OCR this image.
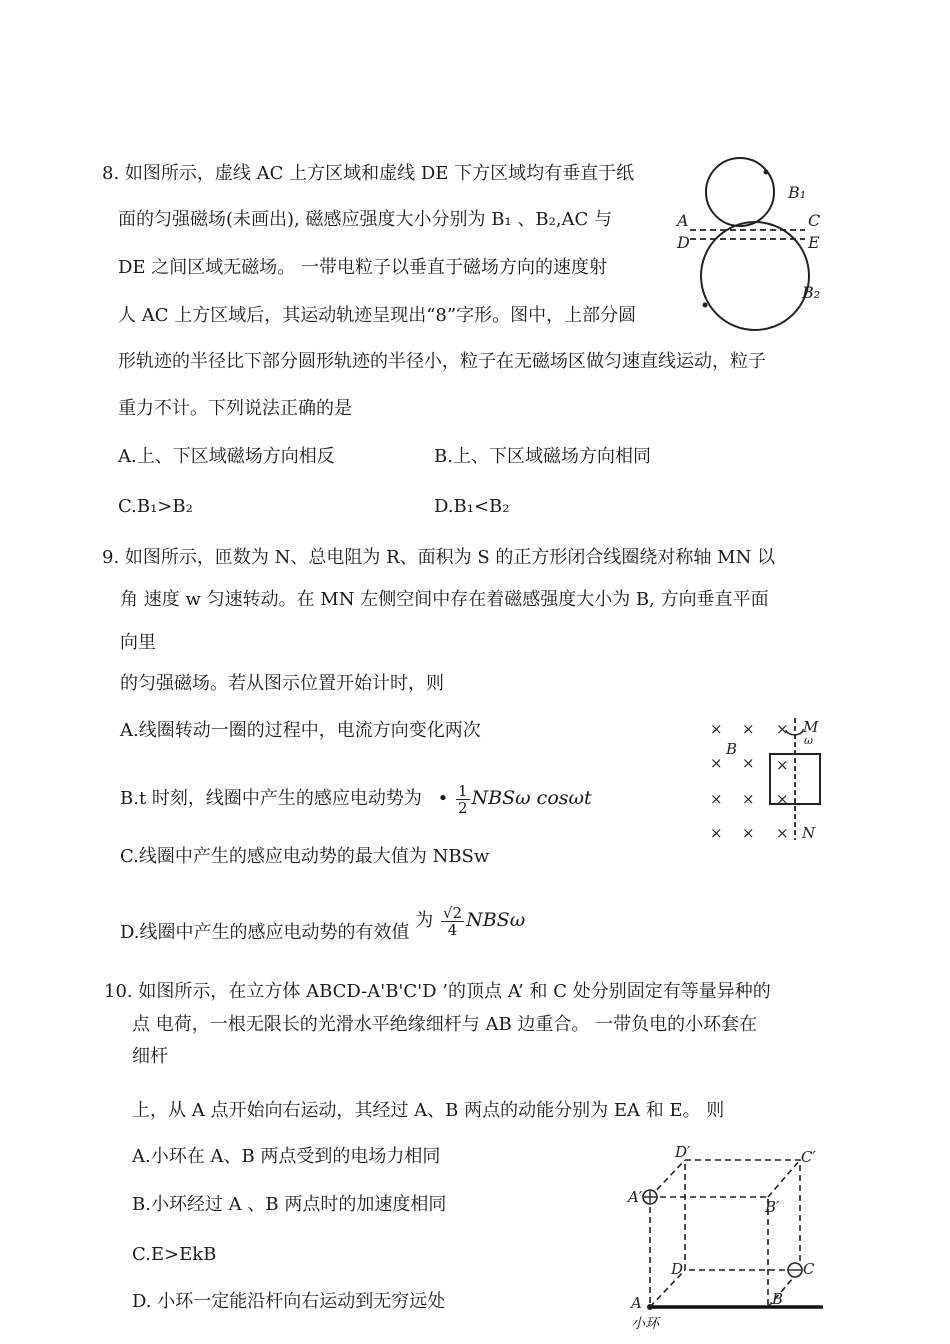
8. 如图所示，虚线 AC 上方区域和虚线 DE 下方区域均有垂直于纸
面的匀强磁场(未画出), 磁感应强度大小分别为 B₁ 、B₂,AC 与
DE 之间区域无磁场。 一带电粒子以垂直于磁场方向的速度射
人 AC 上方区域后，其运动轨迹呈现出“8”字形。图中，上部分圆
形轨迹的半径比下部分圆形轨迹的半径小，粒子在无磁场区做匀速直线运动，粒子
重力不计。下列说法正确的是
A.上、下区域磁场方向相反	B.上、下区域磁场方向相同
C.B₁>B₂	D.B₁<B₂
A	C
D	E
B₁
B₂
9. 如图所示，匝数为 N、总电阻为 R、面积为 S 的正方形闭合线圈绕对称轴 MN 以
角 速度 w 匀速转动。在 MN 左侧空间中存在着磁感强度大小为 B, 方向垂直平面
向里
的匀强磁场。若从图示位置开始计时，则
A.线圈转动一圈的过程中，电流方向变化两次
B.t 时刻，线圈中产生的感应电动势为 • $\frac{1}{2}$ NBSω cosωt
C.线圈中产生的感应电动势的最大值为 NBSw
D.线圈中产生的感应电动势的有效值 为 $\frac{√2}{4}$ NBSω
× × ×
× × ×
× × ×
× × ×
B
M
ω
N
10. 如图所示，在立方体 ABCD-A'B'C'D ’的顶点 A’ 和 C 处分别固定有等量异种的
点 电荷，一根无限长的光滑水平绝缘细杆与 AB 边重合。 一带负电的小环套在
细杆
上，从 A 点开始向右运动，其经过 A、B 两点的动能分别为 EA 和 E。 则
A.小环在 A、B 两点受到的电场力相同
B.小环经过 A 、B 两点时的加速度相同
C.E>EkB
D. 小环一定能沿杆向右运动到无穷远处
D′	C′
A′
B′
D	C
A	B
小环
